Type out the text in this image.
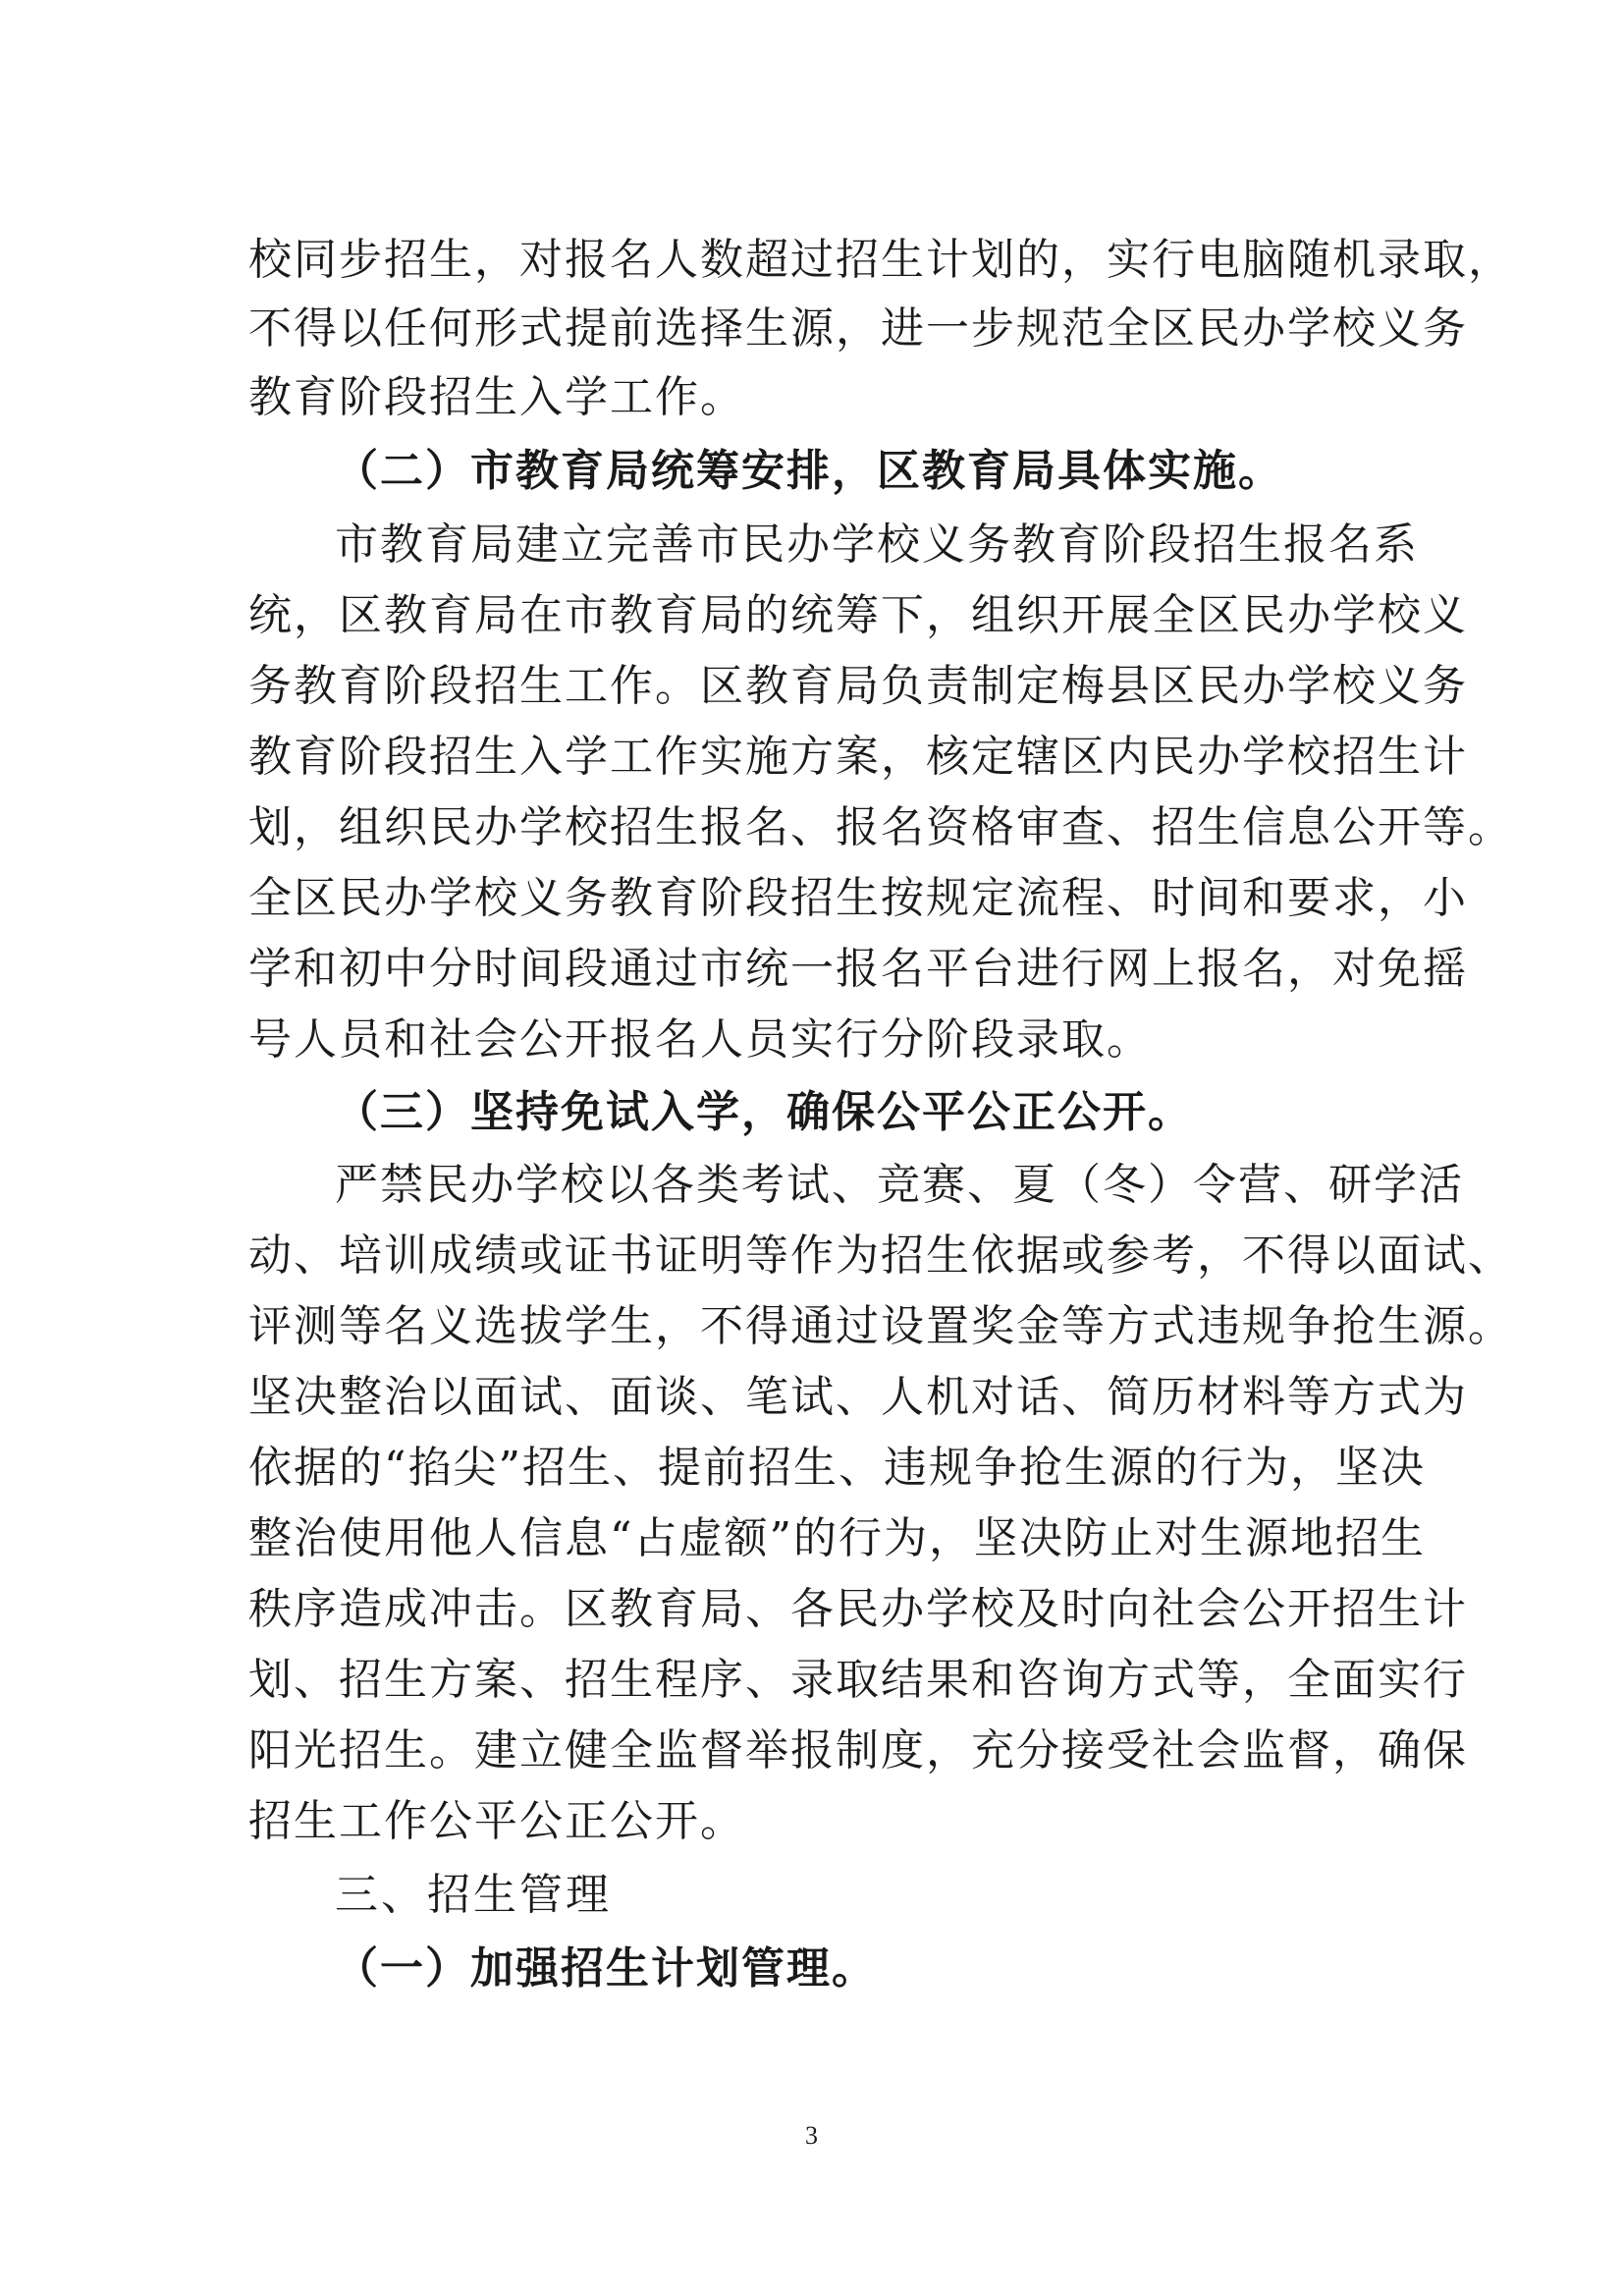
校同步招生，对报名人数超过招生计划的，实行电脑随机录取，
不得以任何形式提前选择生源，进一步规范全区民办学校义务
教育阶段招生入学工作。
（二）市教育局统筹安排，区教育局具体实施。
市教育局建立完善市民办学校义务教育阶段招生报名系
统，区教育局在市教育局的统筹下，组织开展全区民办学校义
务教育阶段招生工作。区教育局负责制定梅县区民办学校义务
教育阶段招生入学工作实施方案，核定辖区内民办学校招生计
划，组织民办学校招生报名、报名资格审查、招生信息公开等。
全区民办学校义务教育阶段招生按规定流程、时间和要求，小
学和初中分时间段通过市统一报名平台进行网上报名，对免摇
号人员和社会公开报名人员实行分阶段录取。
（三）坚持免试入学，确保公平公正公开。
严禁民办学校以各类考试、竞赛、夏（冬）令营、研学活
动、培训成绩或证书证明等作为招生依据或参考，不得以面试、
评测等名义选拔学生，不得通过设置奖金等方式违规争抢生源。
坚决整治以面试、面谈、笔试、人机对话、简历材料等方式为
依据的“掐尖”招生、提前招生、违规争抢生源的行为，坚决
整治使用他人信息“占虚额”的行为，坚决防止对生源地招生
秩序造成冲击。区教育局、各民办学校及时向社会公开招生计
划、招生方案、招生程序、录取结果和咨询方式等，全面实行
阳光招生。建立健全监督举报制度，充分接受社会监督，确保
招生工作公平公正公开。
三、招生管理
（一）加强招生计划管理。
3
